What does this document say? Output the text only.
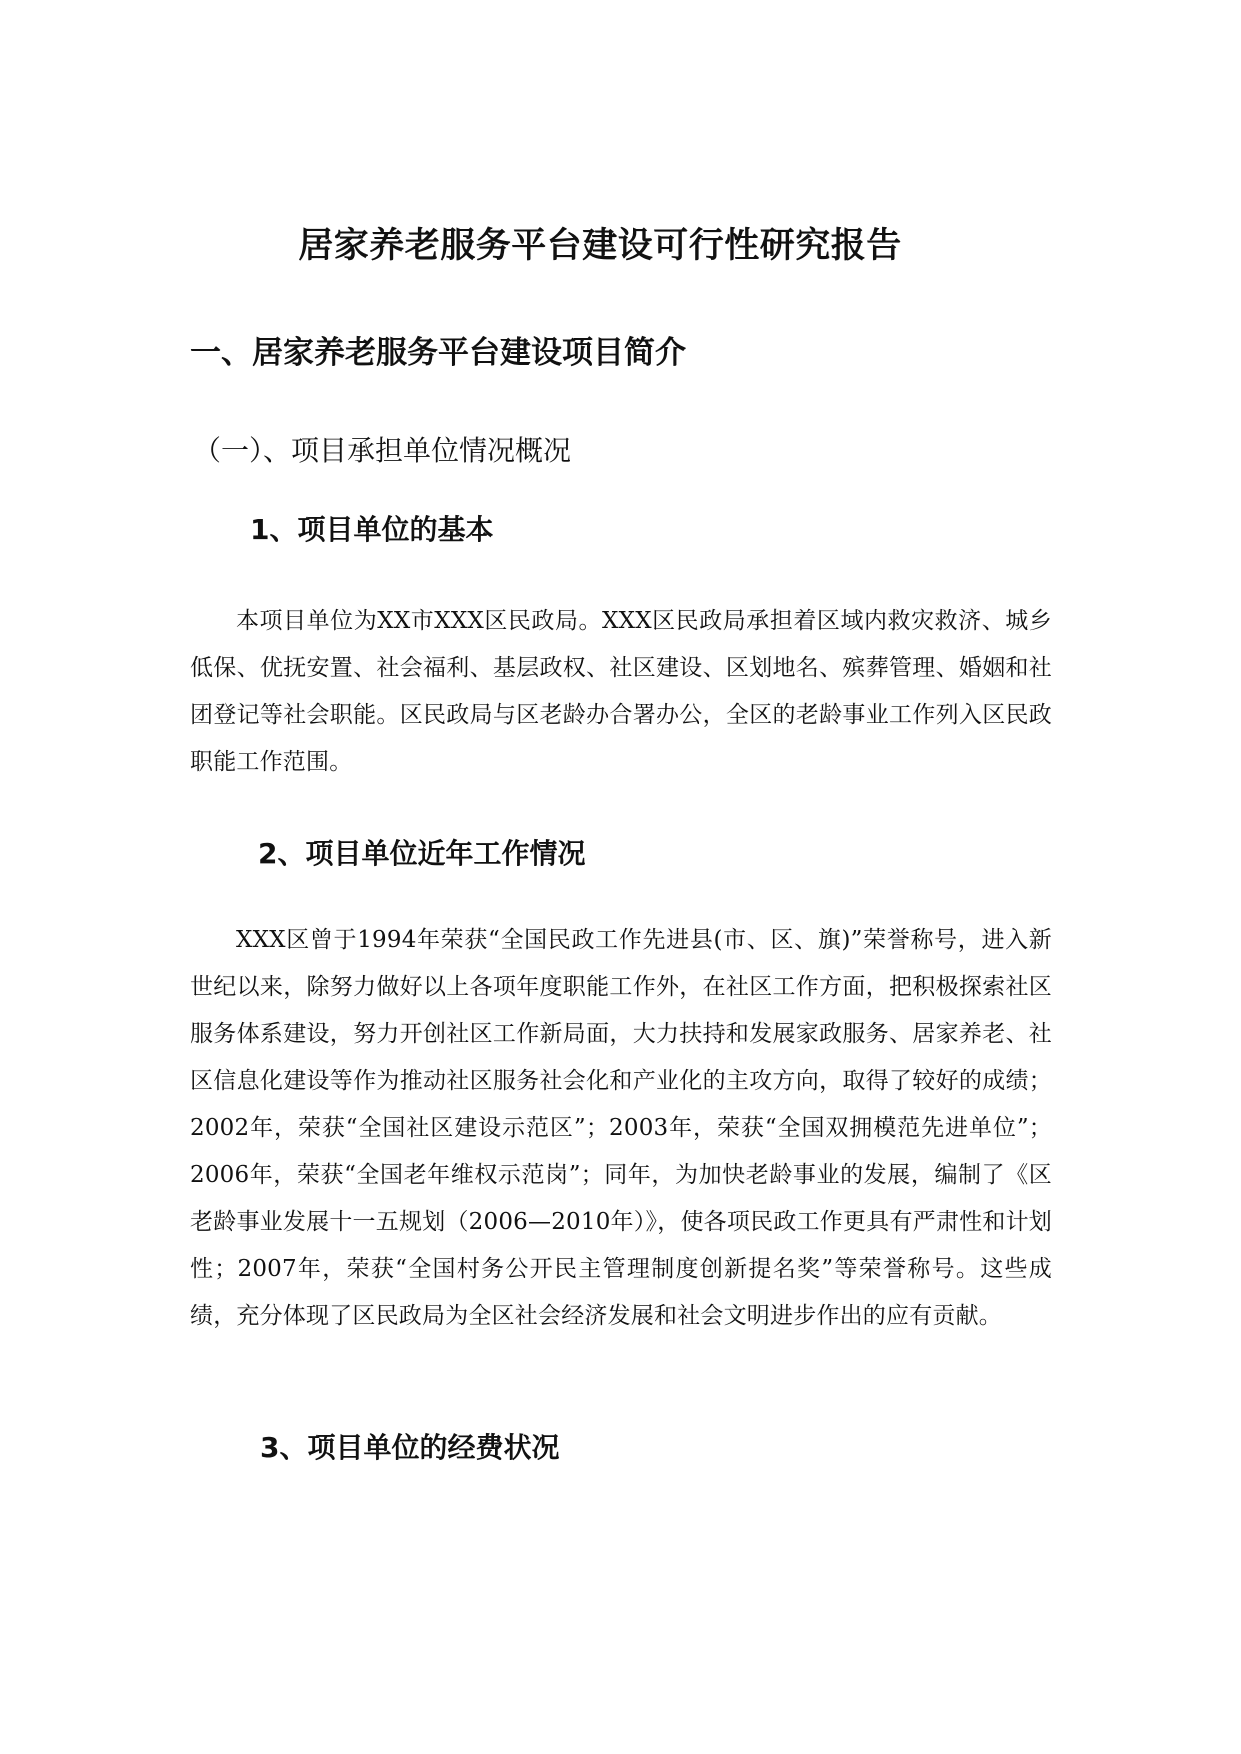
居家养老服务平台建设可行性研究报告
一、居家养老服务平台建设项目简介
（一）、项目承担单位情况概况
1、项目单位的基本

本项目单位为XX市XXX区民政局。XXX区民政局承担着区域内救灾救济、城乡低保、优抚安置、社会福利、基层政权、社区建设、区划地名、殡葬管理、婚姻和社团登记等社会职能。区民政局与区老龄办合署办公，全区的老龄事业工作列入区民政职能工作范围。

2、项目单位近年工作情况

XXX区曾于1994年荣获“全国民政工作先进县(市、区、旗)”荣誉称号，进入新世纪以来，除努力做好以上各项年度职能工作外，在社区工作方面，把积极探索社区服务体系建设，努力开创社区工作新局面，大力扶持和发展家政服务、居家养老、社区信息化建设等作为推动社区服务社会化和产业化的主攻方向，取得了较好的成绩；2002年，荣获“全国社区建设示范区”；2003年，荣获“全国双拥模范先进单位”；2006年，荣获“全国老年维权示范岗”；同年，为加快老龄事业的发展，编制了《区老龄事业发展十一五规划（2006—2010年）》，使各项民政工作更具有严肃性和计划性；2007年，荣获“全国村务公开民主管理制度创新提名奖”等荣誉称号。这些成绩，充分体现了区民政局为全区社会经济发展和社会文明进步作出的应有贡献。

3、项目单位的经费状况
